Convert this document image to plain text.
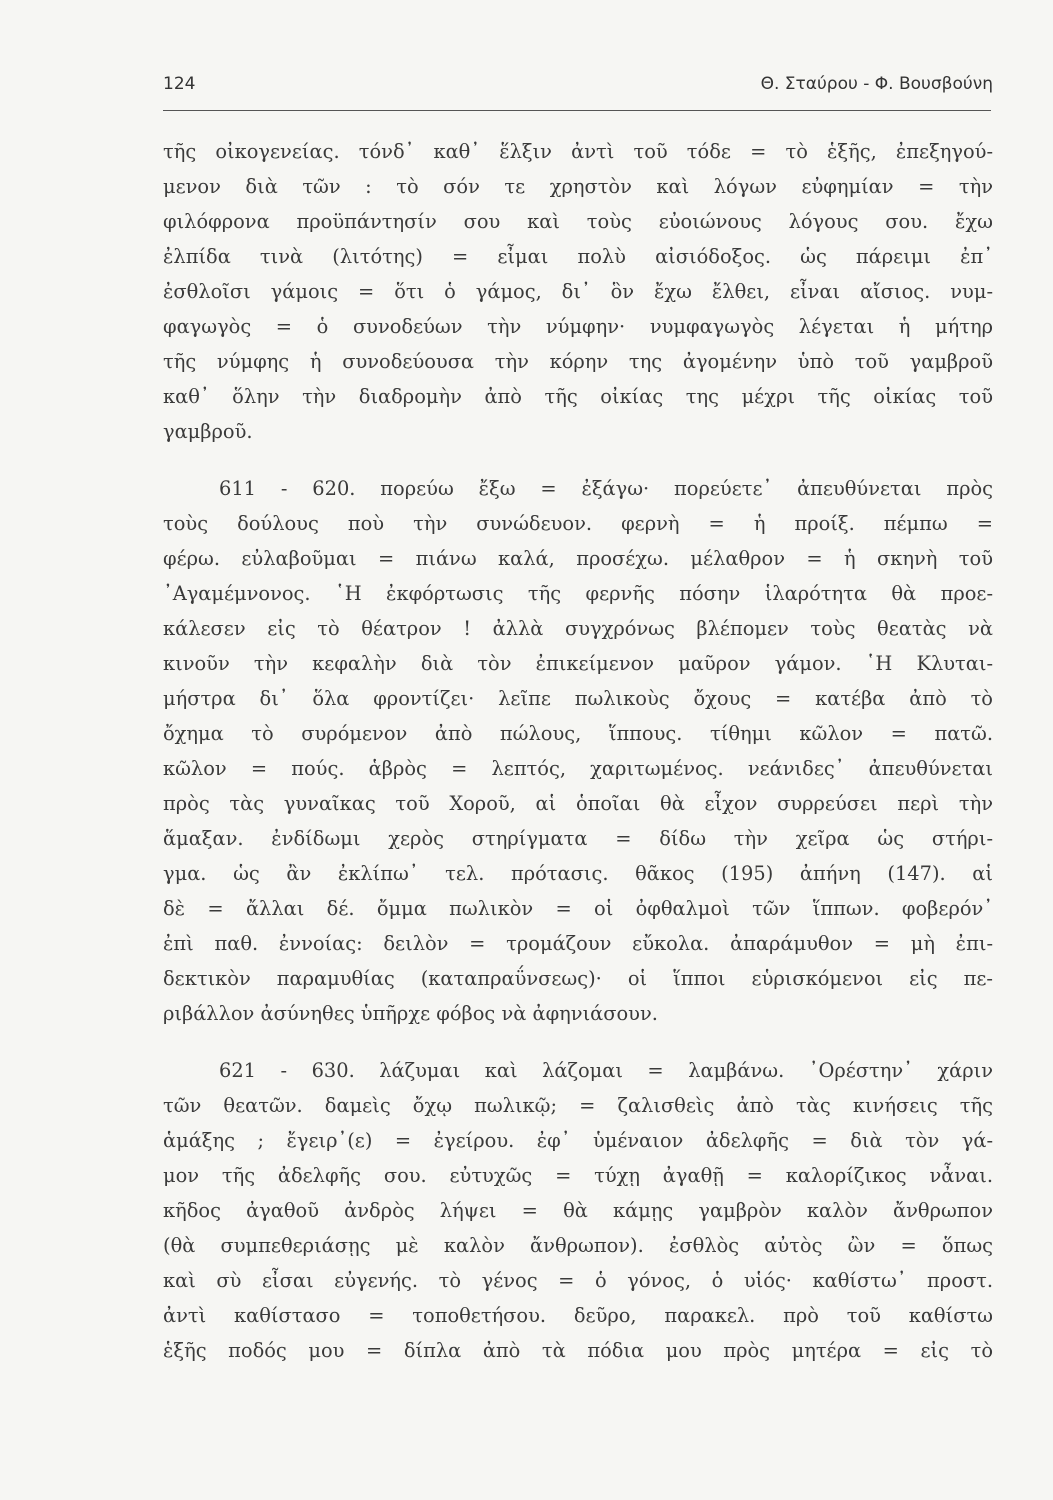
124	Θ. Σταύρου - Φ. Βουσβούνη
τῆς οἰκογενείας. τόνδ᾽ καθ᾽ ἕλξιν ἀντὶ τοῦ τόδε = τὸ ἑξῆς, ἐπεξηγού-
μενον διὰ τῶν : τὸ σόν τε χρηστὸν καὶ λόγων εὐφημίαν = τὴν
φιλόφρονα προϋπάντησίν σου καὶ τοὺς εὐοιώνους λόγους σου. ἔχω
ἐλπίδα τινὰ (λιτότης) = εἶμαι πολὺ αἰσιόδοξος. ὡς πάρειμι ἐπ᾽
ἐσθλοῖσι γάμοις = ὅτι ὁ γάμος, δι᾽ ὃν ἔχω ἔλθει, εἶναι αἴσιος. νυμ-
φαγωγὸς = ὁ συνοδεύων τὴν νύμφην· νυμφαγωγὸς λέγεται ἡ μήτηρ
τῆς νύμφης ἡ συνοδεύουσα τὴν κόρην της ἀγομένην ὑπὸ τοῦ γαμβροῦ
καθ᾽ ὅλην τὴν διαδρομὴν ἀπὸ τῆς οἰκίας της μέχρι τῆς οἰκίας τοῦ
γαμβροῦ.
611 - 620. πορεύω ἔξω = ἐξάγω· πορεύετε᾽ ἀπευθύνεται πρὸς
τοὺς δούλους ποὺ τὴν συνώδευον. φερνὴ = ἡ προίξ. πέμπω =
φέρω. εὐλαβοῦμαι = πιάνω καλά, προσέχω. μέλαθρον = ἡ σκηνὴ τοῦ
᾽Αγαμέμνονος. ῾Η ἐκφόρτωσις τῆς φερνῆς πόσην ἱλαρότητα θὰ προε-
κάλεσεν εἰς τὸ θέατρον ! ἀλλὰ συγχρόνως βλέπομεν τοὺς θεατὰς νὰ
κινοῦν τὴν κεφαλὴν διὰ τὸν ἐπικείμενον μαῦρον γάμον. ῾Η Κλυται-
μήστρα δι᾽ ὅλα φροντίζει· λεῖπε πωλικοὺς ὄχους = κατέβα ἀπὸ τὸ
ὄχημα τὸ συρόμενον ἀπὸ πώλους, ἵππους. τίθημι κῶλον = πατῶ.
κῶλον = πούς. ἁβρὸς = λεπτός, χαριτωμένος. νεάνιδες᾽ ἀπευθύνεται
πρὸς τὰς γυναῖκας τοῦ Χοροῦ, αἱ ὁποῖαι θὰ εἶχον συρρεύσει περὶ τὴν
ἅμαξαν. ἐνδίδωμι χερὸς στηρίγματα = δίδω τὴν χεῖρα ὡς στήρι-
γμα. ὡς ἂν ἐκλίπω᾽ τελ. πρότασις. θᾶκος (195) ἀπήνη (147). αἱ
δὲ = ἄλλαι δέ. ὄμμα πωλικὸν = οἱ ὀφθαλμοὶ τῶν ἵππων. φοβερόν᾽
ἐπὶ παθ. ἐννοίας: δειλὸν = τρομάζουν εὔκολα. ἀπαράμυθον = μὴ ἐπι-
δεκτικὸν παραμυθίας (καταπραΰνσεως)· οἱ ἵπποι εὑρισκόμενοι εἰς πε-
ριβάλλον ἀσύνηθες ὑπῆρχε φόβος νὰ ἀφηνιάσουν.
621 - 630. λάζυμαι καὶ λάζομαι = λαμβάνω. ᾽Ορέστην᾽ χάριν
τῶν θεατῶν. δαμεὶς ὄχῳ πωλικῷ; = ζαλισθεὶς ἀπὸ τὰς κινήσεις τῆς
ἁμάξης ; ἔγειρ᾽(ε) = ἐγείρου. ἐφ᾽ ὑμέναιον ἀδελφῆς = διὰ τὸν γά-
μον τῆς ἀδελφῆς σου. εὐτυχῶς = τύχῃ ἀγαθῇ = καλορίζικος νἆναι.
κῆδος ἀγαθοῦ ἀνδρὸς λήψει = θὰ κάμῃς γαμβρὸν καλὸν ἄνθρωπον
(θὰ συμπεθεριάσῃς μὲ καλὸν ἄνθρωπον). ἐσθλὸς αὐτὸς ὢν = ὅπως
καὶ σὺ εἶσαι εὐγενής. τὸ γένος = ὁ γόνος, ὁ υἱός· καθίστω᾽ προστ.
ἀντὶ καθίστασο = τοποθετήσου. δεῦρο, παρακελ. πρὸ τοῦ καθίστω
ἑξῆς ποδός μου = δίπλα ἀπὸ τὰ πόδια μου πρὸς μητέρα = εἰς τὸ
